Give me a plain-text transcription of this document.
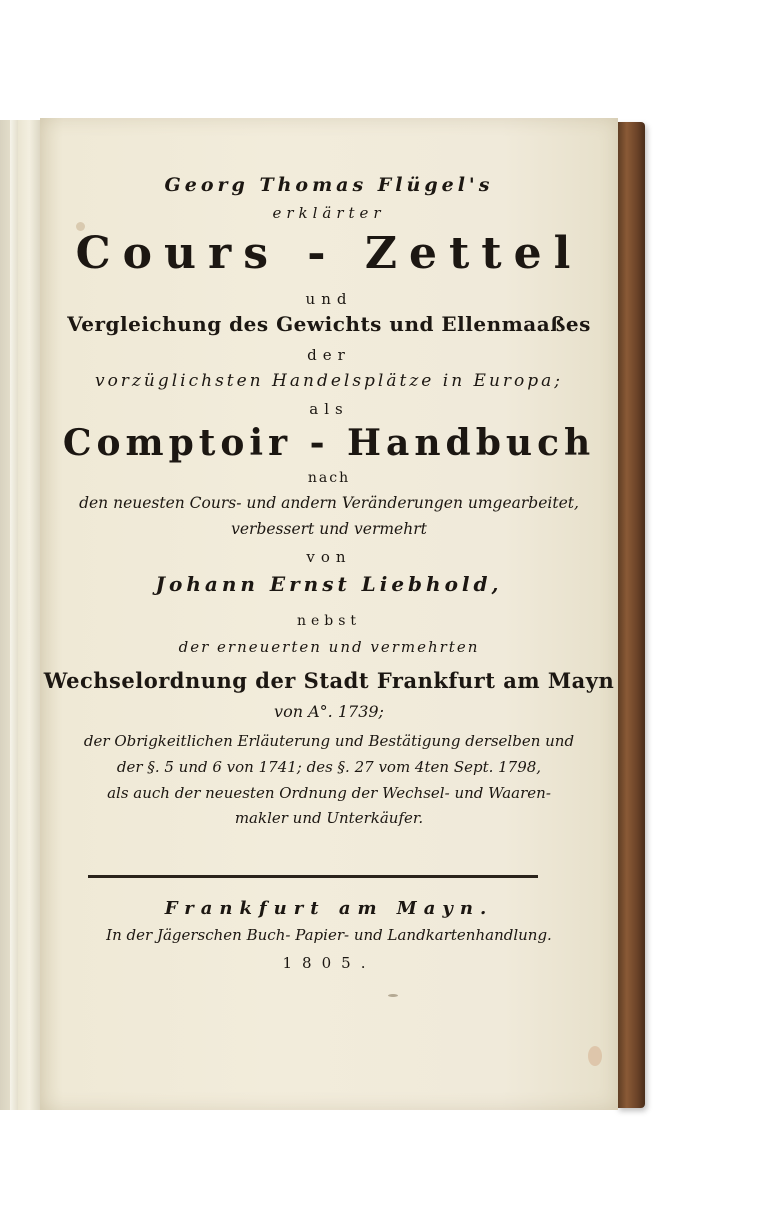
Georg Thomas Flügel's
erklärter
Cours - Zettel
und
Vergleichung des Gewichts und Ellenmaaßes
der
vorzüglichsten Handelsplätze in Europa;
als
Comptoir - Handbuch
nach
den neuesten Cours- und andern Veränderungen umgearbeitet,
verbessert und vermehrt
von
Johann Ernst Liebhold,
nebst
der erneuerten und vermehrten
Wechselordnung der Stadt Frankfurt am Mayn
von A°. 1739;
der Obrigkeitlichen Erläuterung und Bestätigung derselben und
der §. 5 und 6 von 1741; des §. 27 vom 4ten Sept. 1798,
als auch der neuesten Ordnung der Wechsel- und Waaren-
makler und Unterkäufer.
Frankfurt am Mayn.
In der Jägerschen Buch- Papier- und Landkartenhandlung.
1805.
